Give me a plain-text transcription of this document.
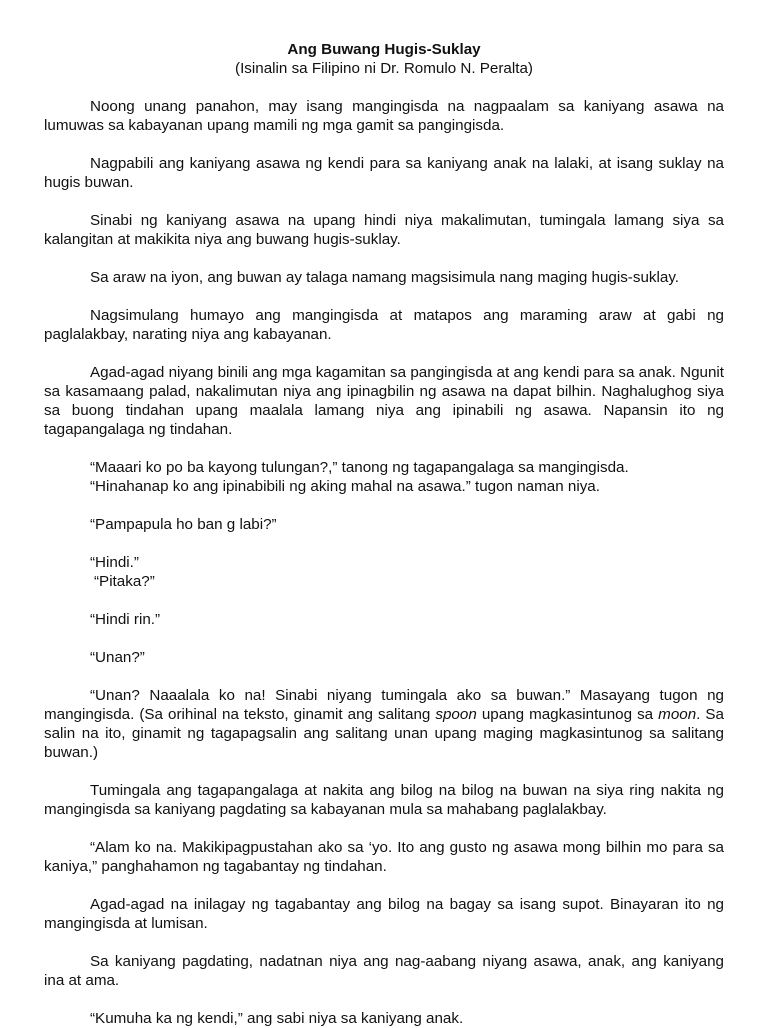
Ang Buwang Hugis-Suklay

(Isinalin sa Filipino ni Dr. Romulo N. Peralta)

Noong unang panahon, may isang mangingisda na nagpaalam sa kaniyang asawa na lumuwas sa kabayanan upang mamili ng mga gamit sa pangingisda.

Nagpabili ang kaniyang asawa ng kendi para sa kaniyang anak na lalaki, at isang suklay na hugis buwan.

Sinabi ng kaniyang asawa na upang hindi niya makalimutan, tumingala lamang siya sa kalangitan at makikita niya ang buwang hugis-suklay.

Sa araw na iyon, ang buwan ay talaga namang magsisimula nang maging hugis-suklay.

Nagsimulang humayo ang mangingisda at matapos ang maraming araw at gabi ng paglalakbay, narating niya ang kabayanan.

Agad-agad niyang binili ang mga kagamitan sa pangingisda at ang kendi para sa anak. Ngunit sa kasamaang palad, nakalimutan niya ang ipinagbilin ng asawa na dapat bilhin. Naghalughog siya sa buong tindahan upang maalala lamang niya ang ipinabili ng asawa. Napansin ito ng tagapangalaga ng tindahan.

“Maaari ko po ba kayong tulungan?,” tanong ng tagapangalaga sa mangingisda.

“Hinahanap ko ang ipinabibili ng aking mahal na asawa.” tugon naman niya.

“Pampapula ho ban g labi?”

“Hindi.”

“Pitaka?”

“Hindi rin.”

“Unan?”

“Unan? Naaalala ko na! Sinabi niyang tumingala ako sa buwan.” Masayang tugon ng mangingisda. (Sa orihinal na teksto, ginamit ang salitang spoon upang magkasintunog sa moon. Sa salin na ito, ginamit ng tagapagsalin ang salitang unan upang maging magkasintunog sa salitang buwan.)

Tumingala ang tagapangalaga at nakita ang bilog na bilog na buwan na siya ring nakita ng mangingisda sa kaniyang pagdating sa kabayanan mula sa mahabang paglalakbay.

“Alam ko na. Makikipagpustahan ako sa ‘yo. Ito ang gusto ng asawa mong bilhin mo para sa kaniya,” panghahamon ng tagabantay ng tindahan.

Agad-agad na inilagay ng tagabantay ang bilog na bagay sa isang supot. Binayaran ito ng mangingisda at lumisan.

Sa kaniyang pagdating, nadatnan niya ang nag-aabang niyang asawa, anak, ang kaniyang ina at ama.

“Kumuha ka ng kendi,” ang sabi niya sa kaniyang anak.
